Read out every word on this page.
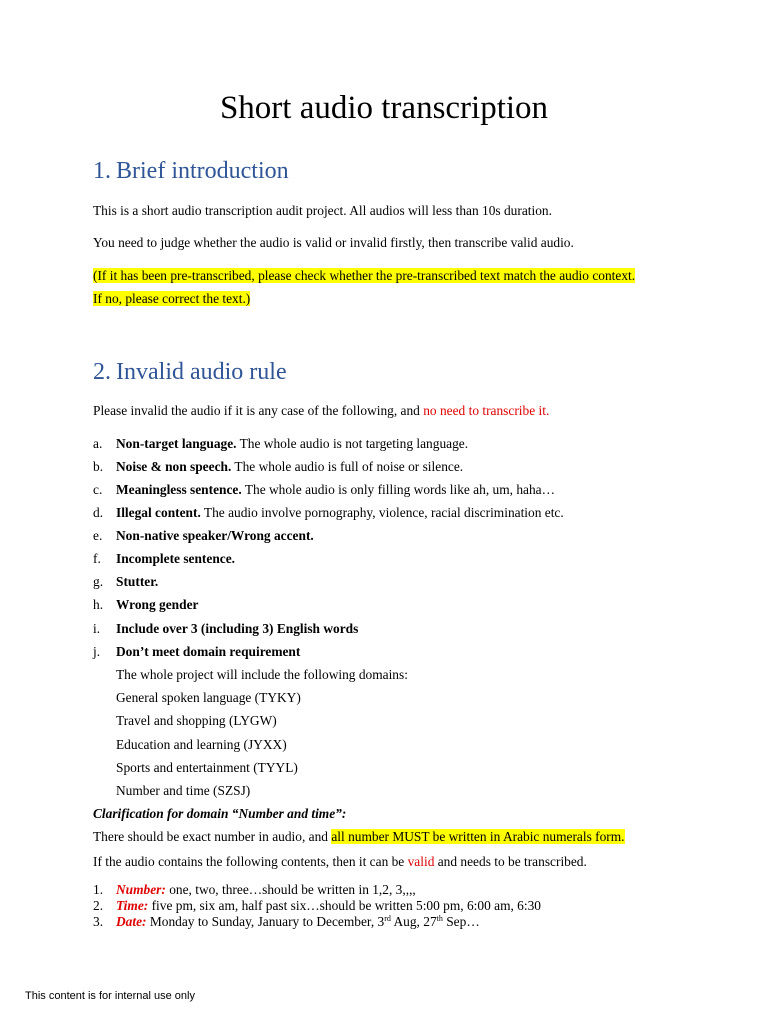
Short audio transcription
1. Brief introduction
This is a short audio transcription audit project. All audios will less than 10s duration.
You need to judge whether the audio is valid or invalid firstly, then transcribe valid audio.
(If it has been pre-transcribed, please check whether the pre-transcribed text match the audio context.
If no, please correct the text.)
2. Invalid audio rule
Please invalid the audio if it is any case of the following, and no need to transcribe it.
a. Non-target language. The whole audio is not targeting language.
b. Noise & non speech. The whole audio is full of noise or silence.
c. Meaningless sentence. The whole audio is only filling words like ah, um, haha…
d. Illegal content. The audio involve pornography, violence, racial discrimination etc.
e. Non-native speaker/Wrong accent.
f. Incomplete sentence.
g. Stutter.
h. Wrong gender
i. Include over 3 (including 3) English words
j. Don’t meet domain requirement
The whole project will include the following domains:
General spoken language (TYKY)
Travel and shopping (LYGW)
Education and learning (JYXX)
Sports and entertainment (TYYL)
Number and time (SZSJ)
Clarification for domain “Number and time”:
There should be exact number in audio, and all number MUST be written in Arabic numerals form.
If the audio contains the following contents, then it can be valid and needs to be transcribed.
1. Number: one, two, three…should be written in 1,2, 3,,,,
2. Time: five pm, six am, half past six…should be written 5:00 pm, 6:00 am, 6:30
3. Date: Monday to Sunday, January to December, 3rd Aug, 27th Sep…
This content is for internal use only
